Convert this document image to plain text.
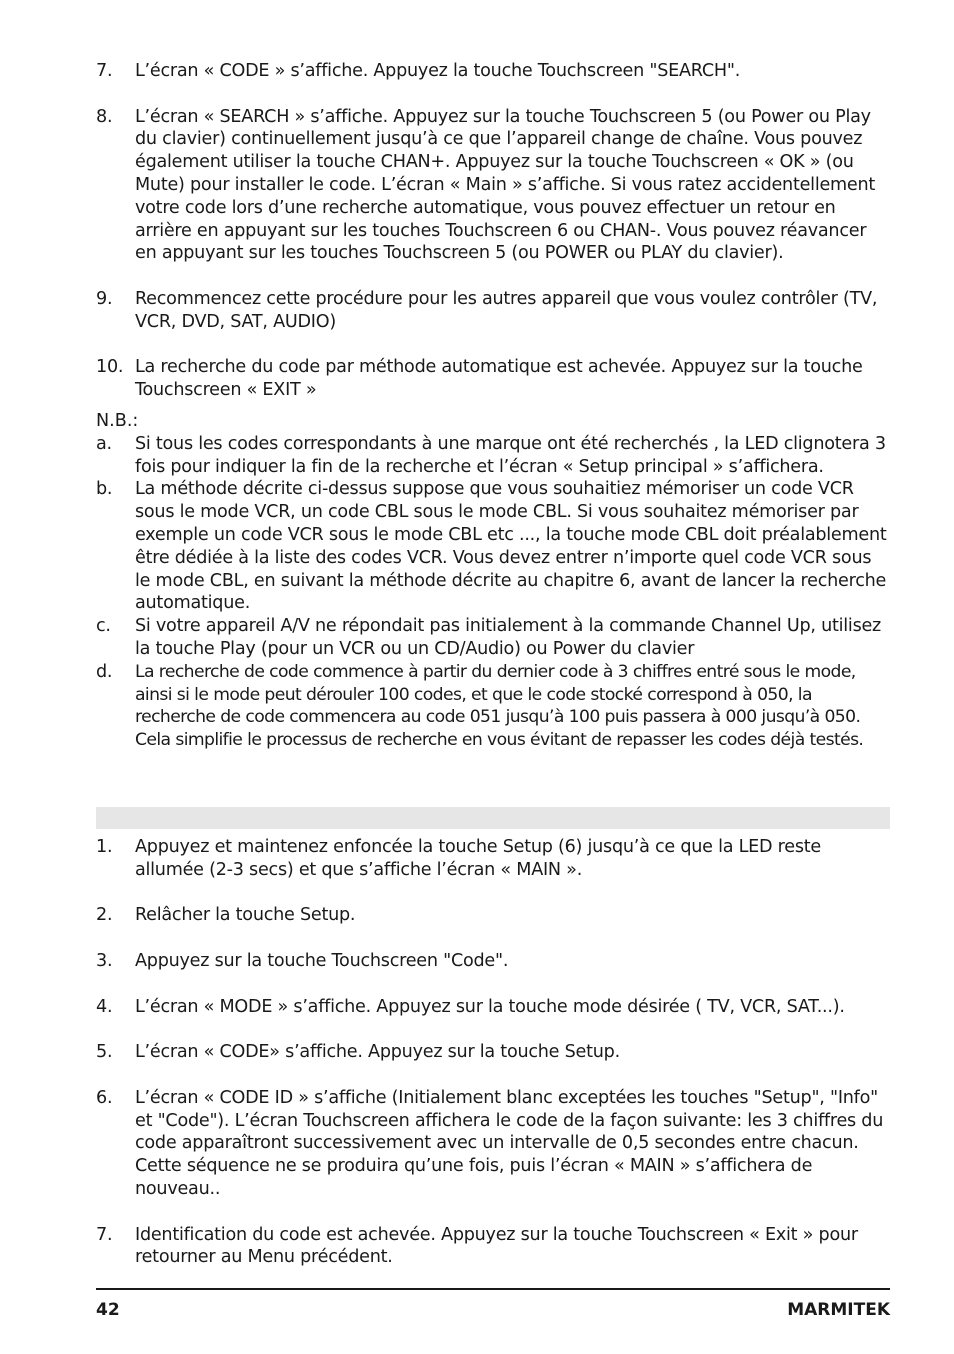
7.	L’écran « CODE » s’affiche. Appuyez la touche Touchscreen "SEARCH".
8.	L’écran « SEARCH » s’affiche. Appuyez sur la touche Touchscreen 5 (ou Power ou Play du clavier) continuellement jusqu’à ce que l’appareil change de chaîne. Vous pouvez également utiliser la touche CHAN+. Appuyez sur la touche Touchscreen « OK » (ou Mute) pour installer le code. L’écran « Main » s’affiche. Si vous ratez accidentellement votre code lors d’une recherche automatique, vous pouvez effectuer un retour en arrière en appuyant sur les touches Touchscreen 6 ou CHAN-. Vous pouvez réavancer en appuyant sur les touches Touchscreen 5 (ou POWER ou PLAY du clavier).
9.	Recommencez cette procédure pour les autres appareil que vous voulez contrôler (TV, VCR, DVD, SAT, AUDIO)
10. La recherche du code par méthode automatique est achevée. Appuyez sur la touche Touchscreen « EXIT »
N.B.:
a.	Si tous les codes correspondants à une marque ont été recherchés , la LED clignotera 3 fois pour indiquer la fin de la recherche et l’écran « Setup principal » s’affichera.
b.	La méthode décrite ci-dessus suppose que vous souhaitiez mémoriser un code VCR sous le mode VCR, un code CBL sous le mode CBL. Si vous souhaitez mémoriser par exemple un code VCR sous le mode CBL etc ..., la touche mode CBL doit préalablement être dédiée à la liste des codes VCR. Vous devez entrer n’importe quel code VCR sous le mode CBL, en suivant la méthode décrite au chapitre 6, avant de lancer la recherche automatique.
c.	Si votre appareil A/V ne répondait pas initialement à la commande Channel Up, utilisez la touche Play (pour un VCR ou un CD/Audio) ou Power du clavier
d.	La recherche de code commence à partir du dernier code à 3 chiffres entré sous le mode, ainsi si le mode peut dérouler 100 codes, et que le code stocké correspond à 050, la recherche de code commencera au code 051 jusqu’à 100 puis passera à 000 jusqu’à 050. Cela simplifie le processus de recherche en vous évitant de repasser les codes déjà testés.
1.	Appuyez et maintenez enfoncée la touche Setup (6) jusqu’à ce que la LED reste allumée (2-3 secs) et que s’affiche l’écran « MAIN ».
2.	Relâcher la touche Setup.
3.	Appuyez sur la touche Touchscreen "Code".
4.	L’écran « MODE » s’affiche. Appuyez sur la touche mode désirée ( TV, VCR, SAT...).
5.	L’écran « CODE» s’affiche. Appuyez sur la touche Setup.
6.	L’écran « CODE ID » s’affiche (Initialement blanc exceptées les touches "Setup", "Info" et "Code"). L’écran Touchscreen affichera le code de la façon suivante: les 3 chiffres du code apparaîtront successivement avec un intervalle de 0,5 secondes entre chacun. Cette séquence ne se produira qu’une fois, puis l’écran « MAIN » s’affichera de nouveau..
7.	Identification du code est achevée. Appuyez sur la touche Touchscreen « Exit » pour retourner au Menu précédent.
42	MARMITEK
